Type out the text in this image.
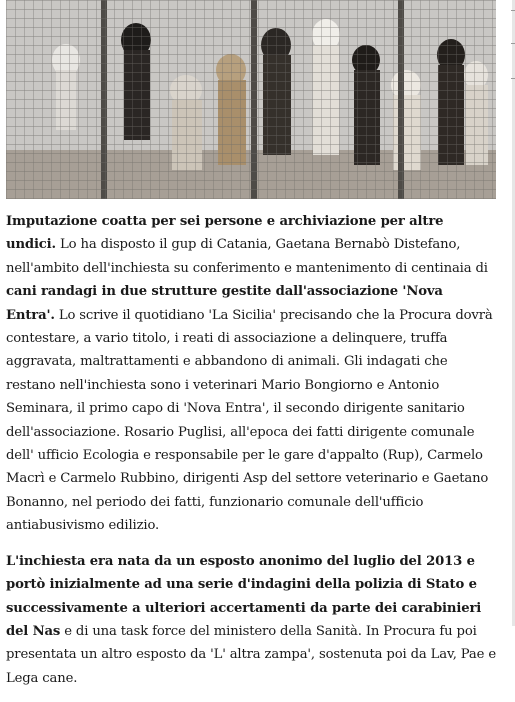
Imputazione coatta per sei persone e archiviazione per altre undici. Lo ha disposto il gup di Catania, Gaetana Bernabò Distefano, nell'ambito dell'inchiesta su conferimento e mantenimento di centinaia di cani randagi in due strutture gestite dall'associazione 'Nova Entra'. Lo scrive il quotidiano 'La Sicilia' precisando che la Procura dovrà contestare, a vario titolo, i reati di associazione a delinquere, truffa aggravata, maltrattamenti e abbandono di animali. Gli indagati che restano nell'inchiesta sono i veterinari Mario Bongiorno e Antonio Seminara, il primo capo di 'Nova Entra', il secondo dirigente sanitario dell'associazione. Rosario Puglisi, all'epoca dei fatti dirigente comunale dell' ufficio Ecologia e responsabile per le gare d'appalto (Rup), Carmelo Macrì e Carmelo Rubbino, dirigenti Asp del settore veterinario e Gaetano Bonanno, nel periodo dei fatti, funzionario comunale dell'ufficio antiabusivismo edilizio.

L'inchiesta era nata da un esposto anonimo del luglio del 2013 e portò inizialmente ad una serie d'indagini della polizia di Stato e successivamente a ulteriori accertamenti da parte dei carabinieri del Nas e di una task force del ministero della Sanità. In Procura fu poi presentata un altro esposto da 'L' altra zampa', sostenuta poi da Lav, Pae e Lega cane.
